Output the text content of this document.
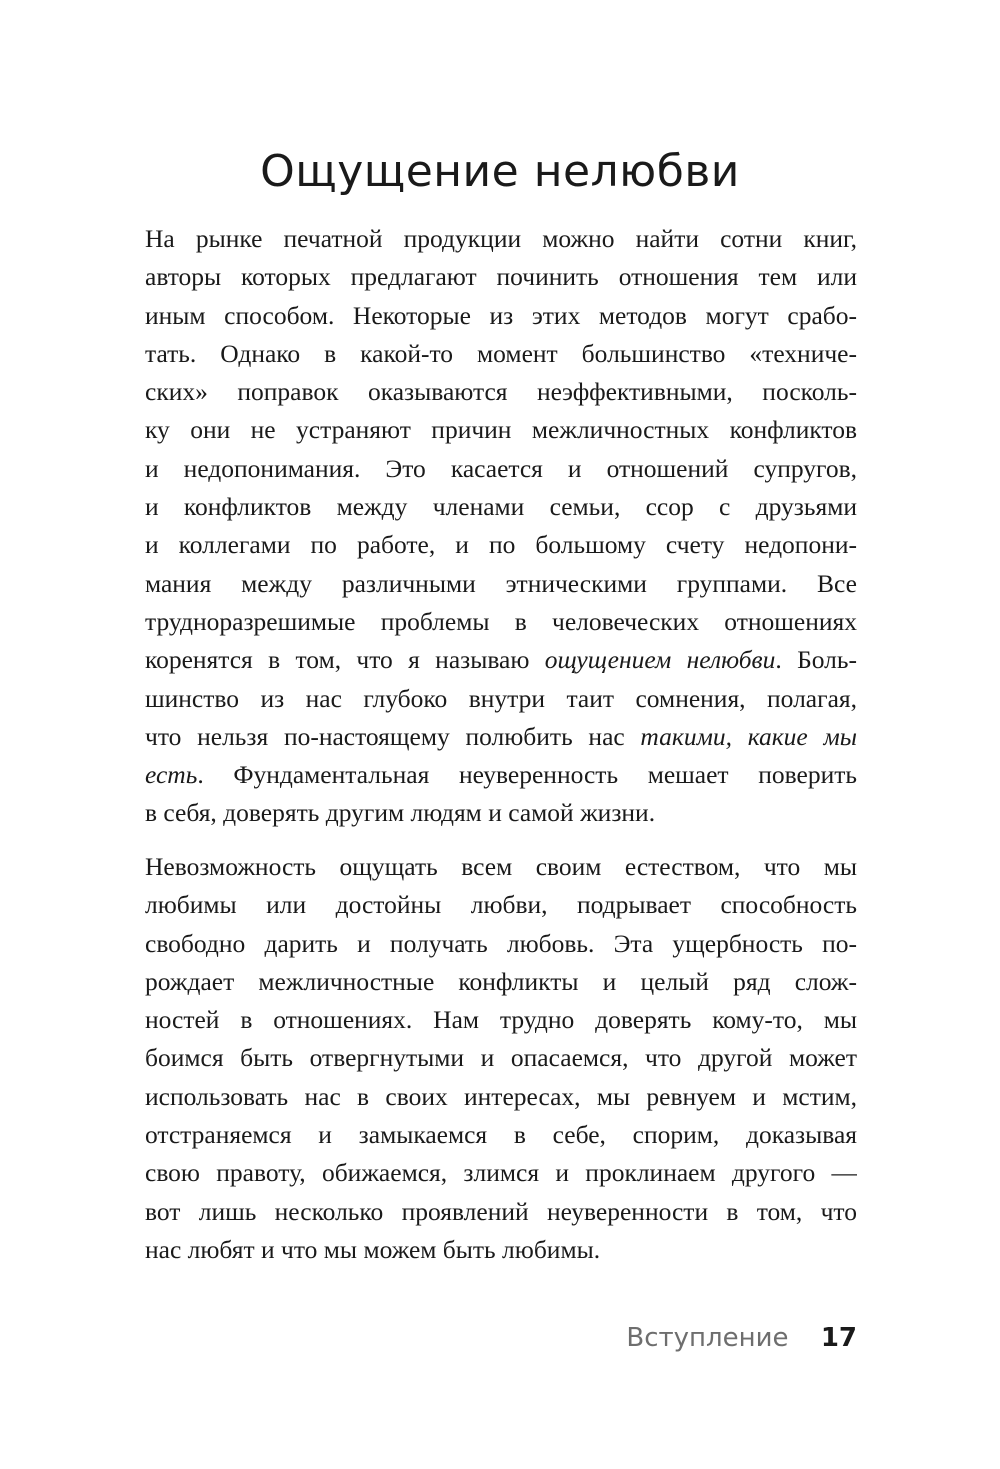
Ощущение нелюбви
На рынке печатной продукции можно найти сотни книг,
авторы которых предлагают починить отношения тем или
иным способом. Некоторые из этих методов могут срабо-
тать. Однако в какой-то момент большинство «техниче-
ских» поправок оказываются неэффективными, посколь-
ку они не устраняют причин межличностных конфликтов
и недопонимания. Это касается и отношений супругов,
и конфликтов между членами семьи, ссор с друзьями
и коллегами по работе, и по большому счету недопони-
мания между различными этническими группами. Все
трудноразрешимые проблемы в человеческих отношениях
коренятся в том, что я называю ощущением нелюбви. Боль-
шинство из нас глубоко внутри таит сомнения, полагая,
что нельзя по-настоящему полюбить нас такими, какие мы
есть. Фундаментальная неуверенность мешает поверить
в себя, доверять другим людям и самой жизни.
Невозможность ощущать всем своим естеством, что мы
любимы или достойны любви, подрывает способность
свободно дарить и получать любовь. Эта ущербность по-
рождает межличностные конфликты и целый ряд слож-
ностей в отношениях. Нам трудно доверять кому-то, мы
боимся быть отвергнутыми и опасаемся, что другой может
использовать нас в своих интересах, мы ревнуем и мстим,
отстраняемся и замыкаемся в себе, спорим, доказывая
свою правоту, обижаемся, злимся и проклинаем другого —
вот лишь несколько проявлений неуверенности в том, что
нас любят и что мы можем быть любимы.
Вступление 17
